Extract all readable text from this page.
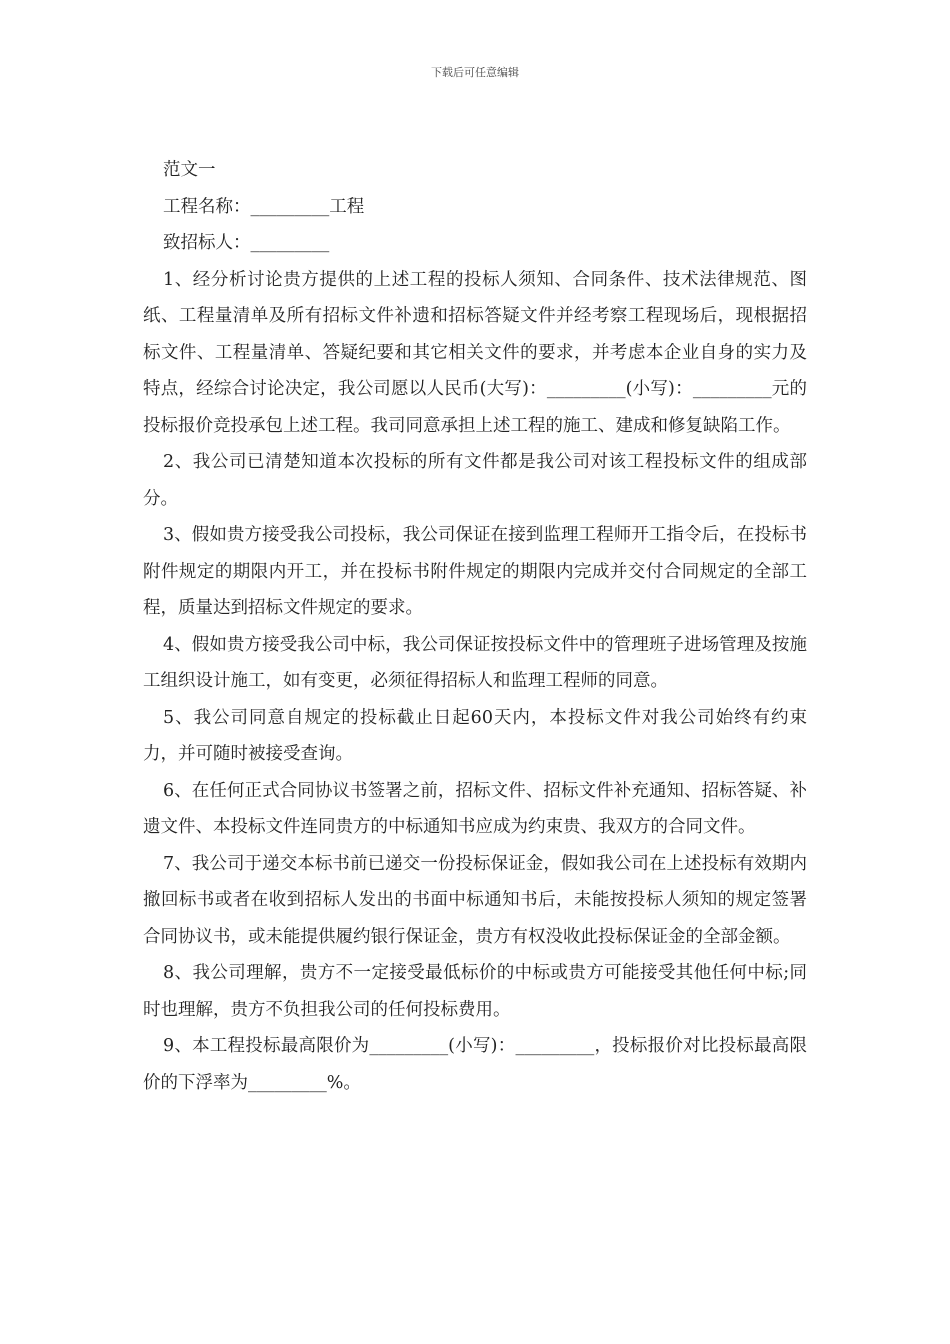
下载后可任意编辑

范文一

工程名称：_________工程

致招标人：_________

1、经分析讨论贵方提供的上述工程的投标人须知、合同条件、技术法律规范、图纸、工程量清单及所有招标文件补遗和招标答疑文件并经考察工程现场后，现根据招标文件、工程量清单、答疑纪要和其它相关文件的要求，并考虑本企业自身的实力及特点，经综合讨论决定，我公司愿以人民币(大写)：_________(小写)：_________元的投标报价竞投承包上述工程。我司同意承担上述工程的施工、建成和修复缺陷工作。

2、我公司已清楚知道本次投标的所有文件都是我公司对该工程投标文件的组成部分。

3、假如贵方接受我公司投标，我公司保证在接到监理工程师开工指令后，在投标书附件规定的期限内开工，并在投标书附件规定的期限内完成并交付合同规定的全部工程，质量达到招标文件规定的要求。

4、假如贵方接受我公司中标，我公司保证按投标文件中的管理班子进场管理及按施工组织设计施工，如有变更，必须征得招标人和监理工程师的同意。

5、我公司同意自规定的投标截止日起60天内，本投标文件对我公司始终有约束力，并可随时被接受查询。

6、在任何正式合同协议书签署之前，招标文件、招标文件补充通知、招标答疑、补遗文件、本投标文件连同贵方的中标通知书应成为约束贵、我双方的合同文件。

7、我公司于递交本标书前已递交一份投标保证金，假如我公司在上述投标有效期内撤回标书或者在收到招标人发出的书面中标通知书后，未能按投标人须知的规定签署合同协议书，或未能提供履约银行保证金，贵方有权没收此投标保证金的全部金额。

8、我公司理解，贵方不一定接受最低标价的中标或贵方可能接受其他任何中标;同时也理解，贵方不负担我公司的任何投标费用。

9、本工程投标最高限价为_________(小写)：_________，投标报价对比投标最高限价的下浮率为_________%。
